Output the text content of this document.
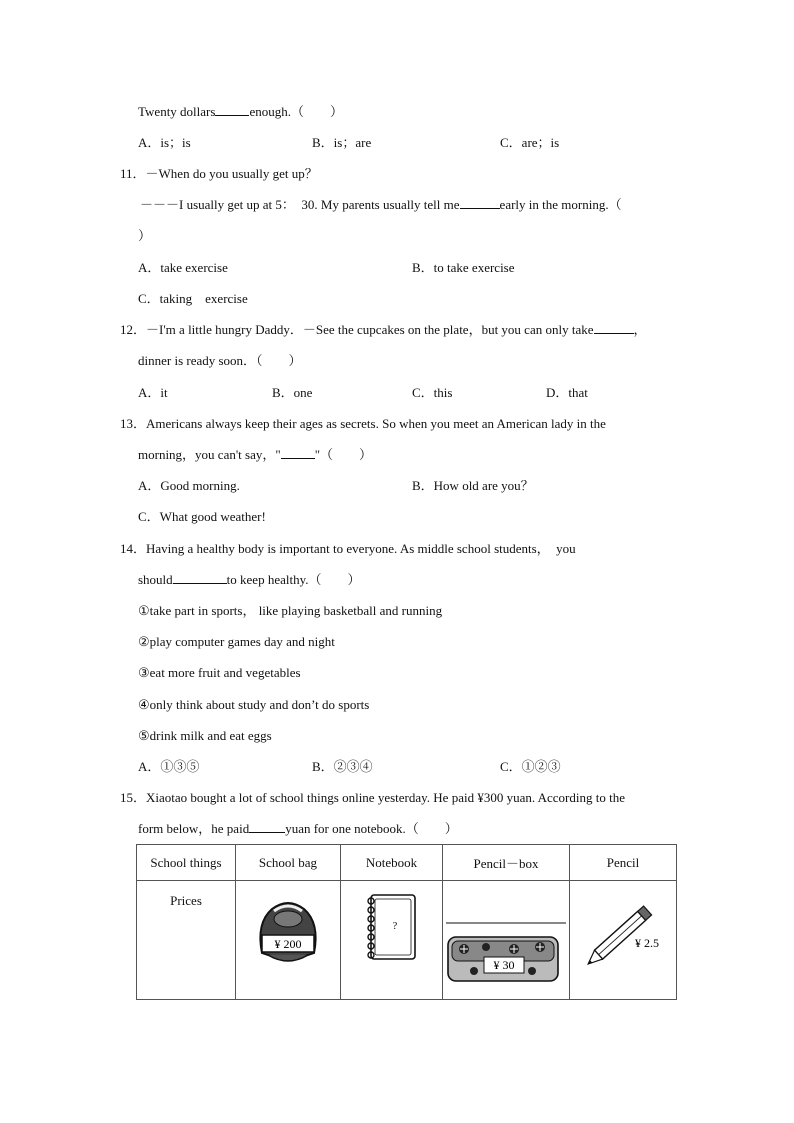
Twenty dollars	enough.（　　）
A．is；is	B．is；are	C．are；is
11．－When do you usually get up？
－－－I usually get up at 5：　30. My parents usually tell me	early in the morning.（
）
A．take exercise	B．to take exercise
C．taking　exercise
12．－I'm a little hungry Daddy．－See the cupcakes on the plate，but you can only take	，
dinner is ready soon．（　　）
A．it	B．one	C．this	D．that
13．Americans always keep their ages as secrets. So when you meet an American lady in the
morning，you can't say，"	"（　　）
A．Good morning.	B．How old are you？
C．What good weather!
14．Having a healthy body is important to everyone. As middle school students，　you
should	to keep healthy.（　　）
①take part in sports， like playing basketball and running
②play computer games day and night
③eat more fruit and vegetables
④only think about study and don’t do sports
⑤drink milk and eat eggs
A．①③⑤	B．②③④	C．①②③
15．Xiaotao bought a lot of school things online yesterday. He paid ¥300 yuan. According to the
form below，he paid	yuan for one notebook.（　　）
School things	School bag	Notebook	Pencil－box	Pencil

Prices	¥ 200	?	¥ 30	¥ 2.5
